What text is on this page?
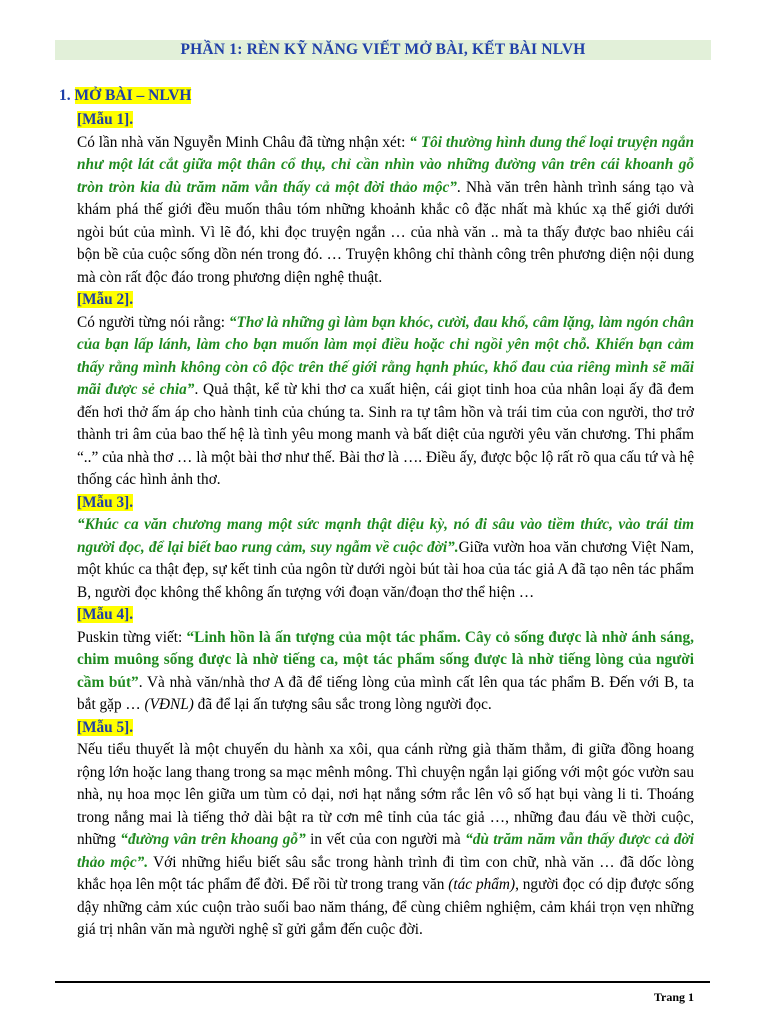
PHẦN 1: RÈN KỸ NĂNG VIẾT MỞ BÀI, KẾT BÀI NLVH
1. MỞ BÀI – NLVH

[Mẫu 1].

Có lần nhà văn Nguyễn Minh Châu đã từng nhận xét: “ Tôi thường hình dung thể loại truyện ngắn như một lát cắt giữa một thân cổ thụ, chỉ cần nhìn vào những đường vân trên cái khoanh gỗ tròn tròn kia dù trăm năm vẫn thấy cả một đời thảo mộc”. Nhà văn trên hành trình sáng tạo và khám phá thế giới đều muốn thâu tóm những khoảnh khắc cô đặc nhất mà khúc xạ thế giới dưới ngòi bút của mình. Vì lẽ đó, khi đọc truyện ngắn … của nhà văn .. mà ta thấy được bao nhiêu cái bộn bề của cuộc sống dồn nén trong đó. … Truyện không chỉ thành công trên phương diện nội dung mà còn rất độc đáo trong phương diện nghệ thuật.

[Mẫu 2].

Có người từng nói rằng: “Thơ là những gì làm bạn khóc, cười, đau khổ, câm lặng, làm ngón chân của bạn lấp lánh, làm cho bạn muốn làm mọi điều hoặc chỉ ngồi yên một chỗ. Khiến bạn cảm thấy rằng mình không còn cô độc trên thế giới rằng hạnh phúc, khổ đau của riêng mình sẽ mãi mãi được sẻ chia”. Quả thật, kể từ khi thơ ca xuất hiện, cái giọt tinh hoa của nhân loại ấy đã đem đến hơi thở ấm áp cho hành tinh của chúng ta. Sinh ra tự tâm hồn và trái tim của con người, thơ trở thành tri âm của bao thế hệ là tình yêu mong manh và bất diệt của người yêu văn chương. Thi phẩm “..” của nhà thơ … là một bài thơ như thế. Bài thơ là …. Điều ấy, được bộc lộ rất rõ qua cấu tứ và hệ thống các hình ảnh thơ.

[Mẫu 3].

“Khúc ca văn chương mang một sức mạnh thật diệu kỳ, nó đi sâu vào tiềm thức, vào trái tim người đọc, để lại biết bao rung cảm, suy ngẫm về cuộc đời”.Giữa vườn hoa văn chương Việt Nam, một khúc ca thật đẹp, sự kết tinh của ngôn từ dưới ngòi bút tài hoa của tác giả A đã tạo nên tác phẩm B, người đọc không thể không ấn tượng với đoạn văn/đoạn thơ thể hiện …

[Mẫu 4].

Puskin từng viết: “Linh hồn là ấn tượng của một tác phẩm. Cây cỏ sống được là nhờ ánh sáng, chim muông sống được là nhờ tiếng ca, một tác phẩm sống được là nhờ tiếng lòng của người cầm bút”. Và nhà văn/nhà thơ A đã để tiếng lòng của mình cất lên qua tác phẩm B. Đến với B, ta bắt gặp … (VĐNL) đã để lại ấn tượng sâu sắc trong lòng người đọc.

[Mẫu 5].

Nếu tiểu thuyết là một chuyến du hành xa xôi, qua cánh rừng già thăm thẳm, đi giữa đồng hoang rộng lớn hoặc lang thang trong sa mạc mênh mông. Thì chuyện ngắn lại giống với một góc vườn sau nhà, nụ hoa mọc lên giữa um tùm cỏ dại, nơi hạt nắng sớm rắc lên vô số hạt bụi vàng li ti. Thoáng trong nắng mai là tiếng thở dài bật ra từ cơn mê tỉnh của tác giả …, những đau đáu về thời cuộc, những “đường vân trên khoang gỗ” in vết của con người mà “dù trăm năm vẫn thấy được cả đời thảo mộc”. Với những hiểu biết sâu sắc trong hành trình đi tìm con chữ, nhà văn … đã dốc lòng khắc họa lên một tác phẩm để đời. Để rồi từ trong trang văn (tác phẩm), người đọc có dịp được sống dậy những cảm xúc cuộn trào suối bao năm tháng, để cùng chiêm nghiệm, cảm khái trọn vẹn những giá trị nhân văn mà người nghệ sĩ gửi gắm đến cuộc đời.

Trang 1
